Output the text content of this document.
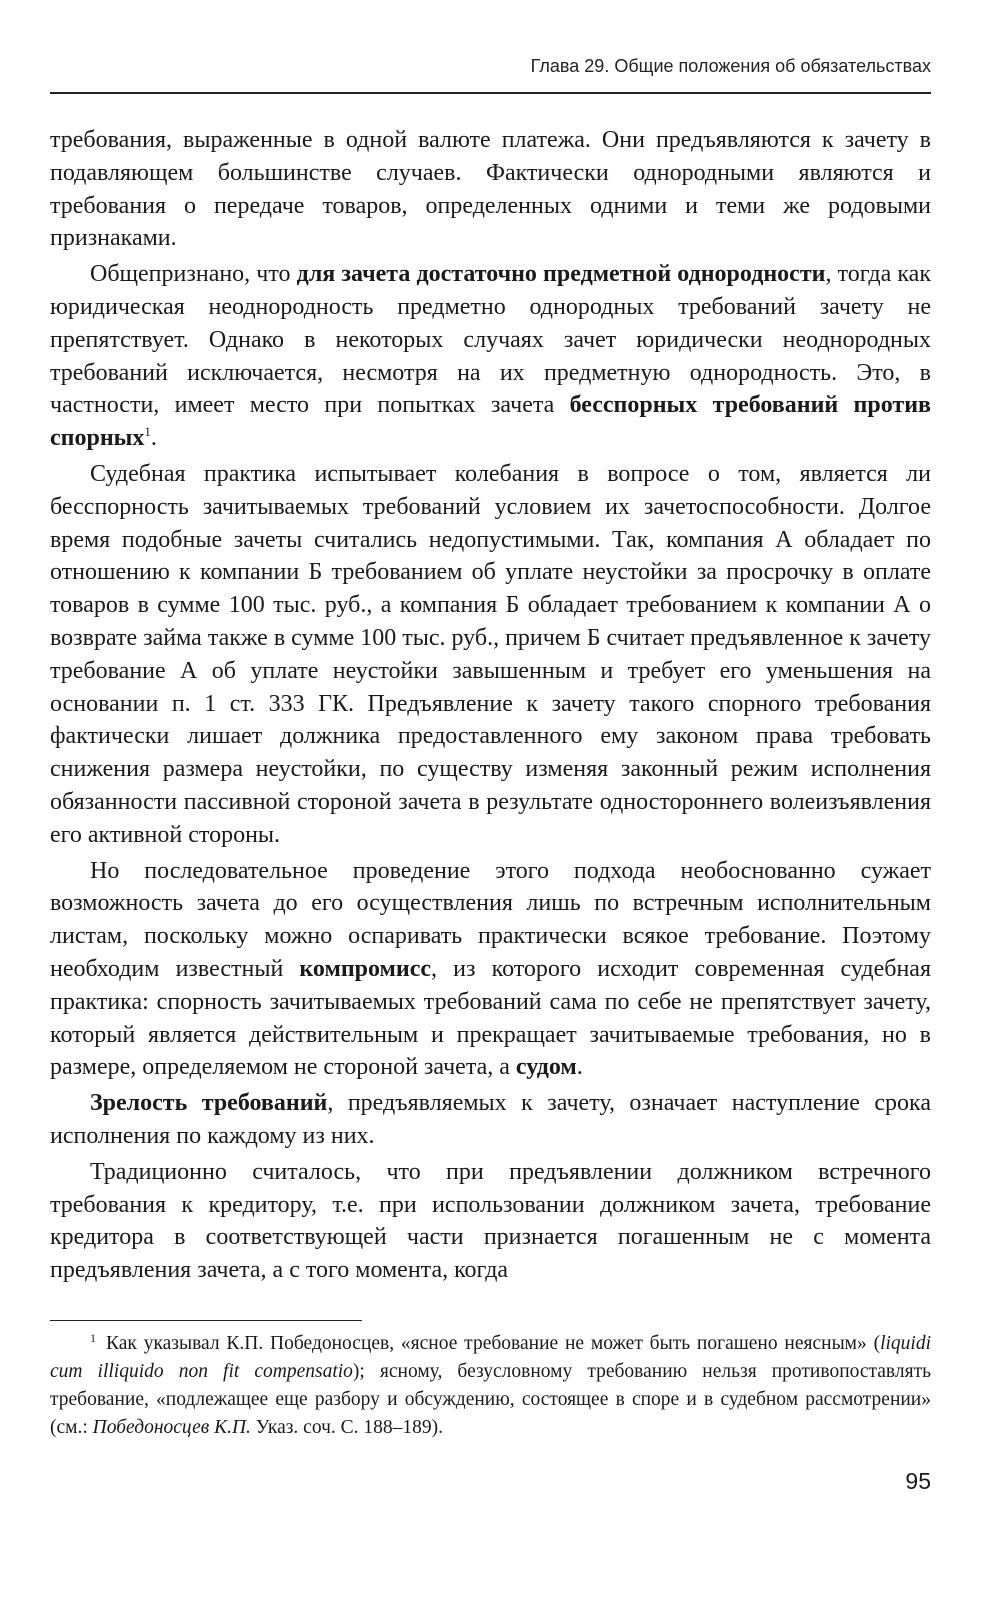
Глава 29. Общие положения об обязательствах

требования, выраженные в одной валюте платежа. Они предъявляются к зачету в подавляющем большинстве случаев. Фактически однородными являются и требования о передаче товаров, определенных одними и теми же родовыми признаками.

Общепризнано, что для зачета достаточно предметной однородности, тогда как юридическая неоднородность предметно однородных требований зачету не препятствует. Однако в некоторых случаях зачет юридически неоднородных требований исключается, несмотря на их предметную однородность. Это, в частности, имеет место при попытках зачета бесспорных требований против спорных$^1$.

Судебная практика испытывает колебания в вопросе о том, является ли бесспорность зачитываемых требований условием их зачетоспособности. Долгое время подобные зачеты считались недопустимыми. Так, компания А обладает по отношению к компании Б требованием об уплате неустойки за просрочку в оплате товаров в сумме 100 тыс. руб., а компания Б обладает требованием к компании А о возврате займа также в сумме 100 тыс. руб., причем Б считает предъявленное к зачету требование А об уплате неустойки завышенным и требует его уменьшения на основании п. 1 ст. 333 ГК. Предъявление к зачету такого спорного требования фактически лишает должника предоставленного ему законом права требовать снижения размера неустойки, по существу изменяя законный режим исполнения обязанности пассивной стороной зачета в результате одностороннего волеизъявления его активной стороны.

Но последовательное проведение этого подхода необоснованно сужает возможность зачета до его осуществления лишь по встречным исполнительным листам, поскольку можно оспаривать практически всякое требование. Поэтому необходим известный компромисс, из которого исходит современная судебная практика: спорность зачитываемых требований сама по себе не препятствует зачету, который является действительным и прекращает зачитываемые требования, но в размере, определяемом не стороной зачета, а судом.

Зрелость требований, предъявляемых к зачету, означает наступление срока исполнения по каждому из них.

Традиционно считалось, что при предъявлении должником встречного требования к кредитору, т.е. при использовании должником зачета, требование кредитора в соответствующей части признается погашенным не с момента предъявления зачета, а с того момента, когда

$^1$ Как указывал К.П. Победоносцев, «ясное требование не может быть погашено неясным» (liquidi cum illiquido non fit compensatio); ясному, безусловному требованию нельзя противопоставлять требование, «подлежащее еще разбору и обсуждению, состоящее в споре и в судебном рассмотрении» (см.: Победоносцев К.П. Указ. соч. С. 188–189).
95
